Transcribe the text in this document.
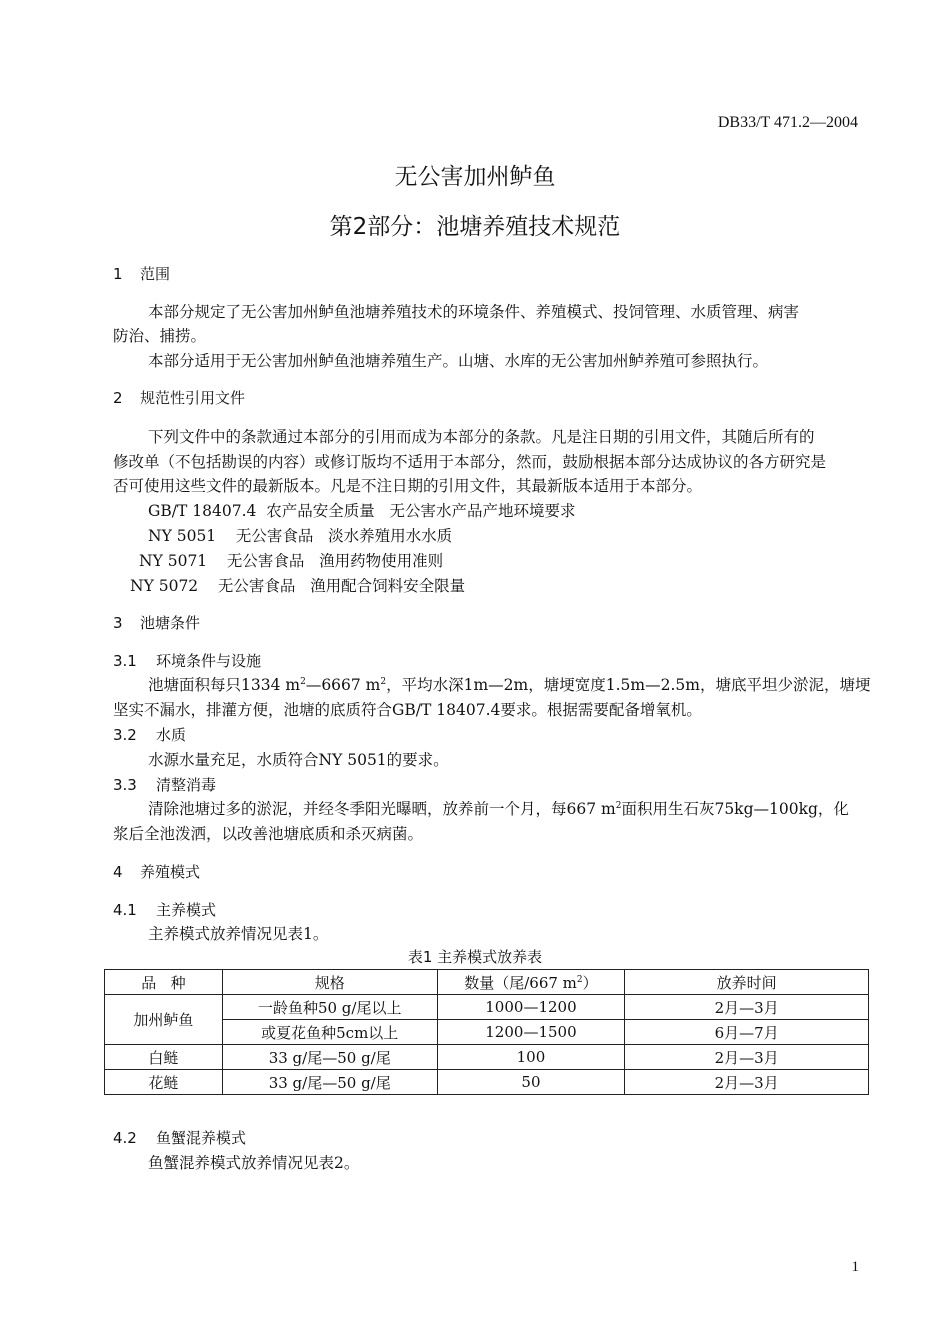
DB33/T 471.2—2004
无公害加州鲈鱼
第2部分：池塘养殖技术规范
1 范围
本部分规定了无公害加州鲈鱼池塘养殖技术的环境条件、养殖模式、投饲管理、水质管理、病害
防治、捕捞。
本部分适用于无公害加州鲈鱼池塘养殖生产。山塘、水库的无公害加州鲈养殖可参照执行。
2 规范性引用文件
下列文件中的条款通过本部分的引用而成为本部分的条款。凡是注日期的引用文件，其随后所有的
修改单（不包括勘误的内容）或修订版均不适用于本部分，然而，鼓励根据本部分达成协议的各方研究是
否可使用这些文件的最新版本。凡是不注日期的引用文件，其最新版本适用于本部分。
GB/T 18407.4  农产品安全质量   无公害水产品产地环境要求
NY 5051    无公害食品   淡水养殖用水水质
NY 5071    无公害食品   渔用药物使用准则
NY 5072    无公害食品   渔用配合饲料安全限量
3 池塘条件
3.1 环境条件与设施
池塘面积每只1334 $m^2—6667$ $m^2$，平均水深1m—2m，塘埂宽度1.5m—2.5m，塘底平坦少淤泥，塘埂
坚实不漏水，排灌方便，池塘的底质符合GB/T 18407.4要求。根据需要配备增氧机。
3.2 水质
水源水量充足，水质符合NY 5051的要求。
3.3 清整消毒
清除池塘过多的淤泥，并经冬季阳光曝晒，放养前一个月，每667 $m^2$面积用生石灰75kg—100kg，化
浆后全池泼洒，以改善池塘底质和杀灭病菌。
4 养殖模式
4.1 主养模式
主养模式放养情况见表1。
表1 主养模式放养表
品   种	规格	数量（尾/667 $m^2$）	放养时间
加州鲈鱼	一龄鱼种50 g/尾以上	1000—1200	2月—3月
	或夏花鱼种5cm以上	1200—1500	6月—7月
白鲢	33 g/尾—50 g/尾	100	2月—3月
花鲢	33 g/尾—50 g/尾	50	2月—3月
4.2 鱼蟹混养模式
鱼蟹混养模式放养情况见表2。
1
